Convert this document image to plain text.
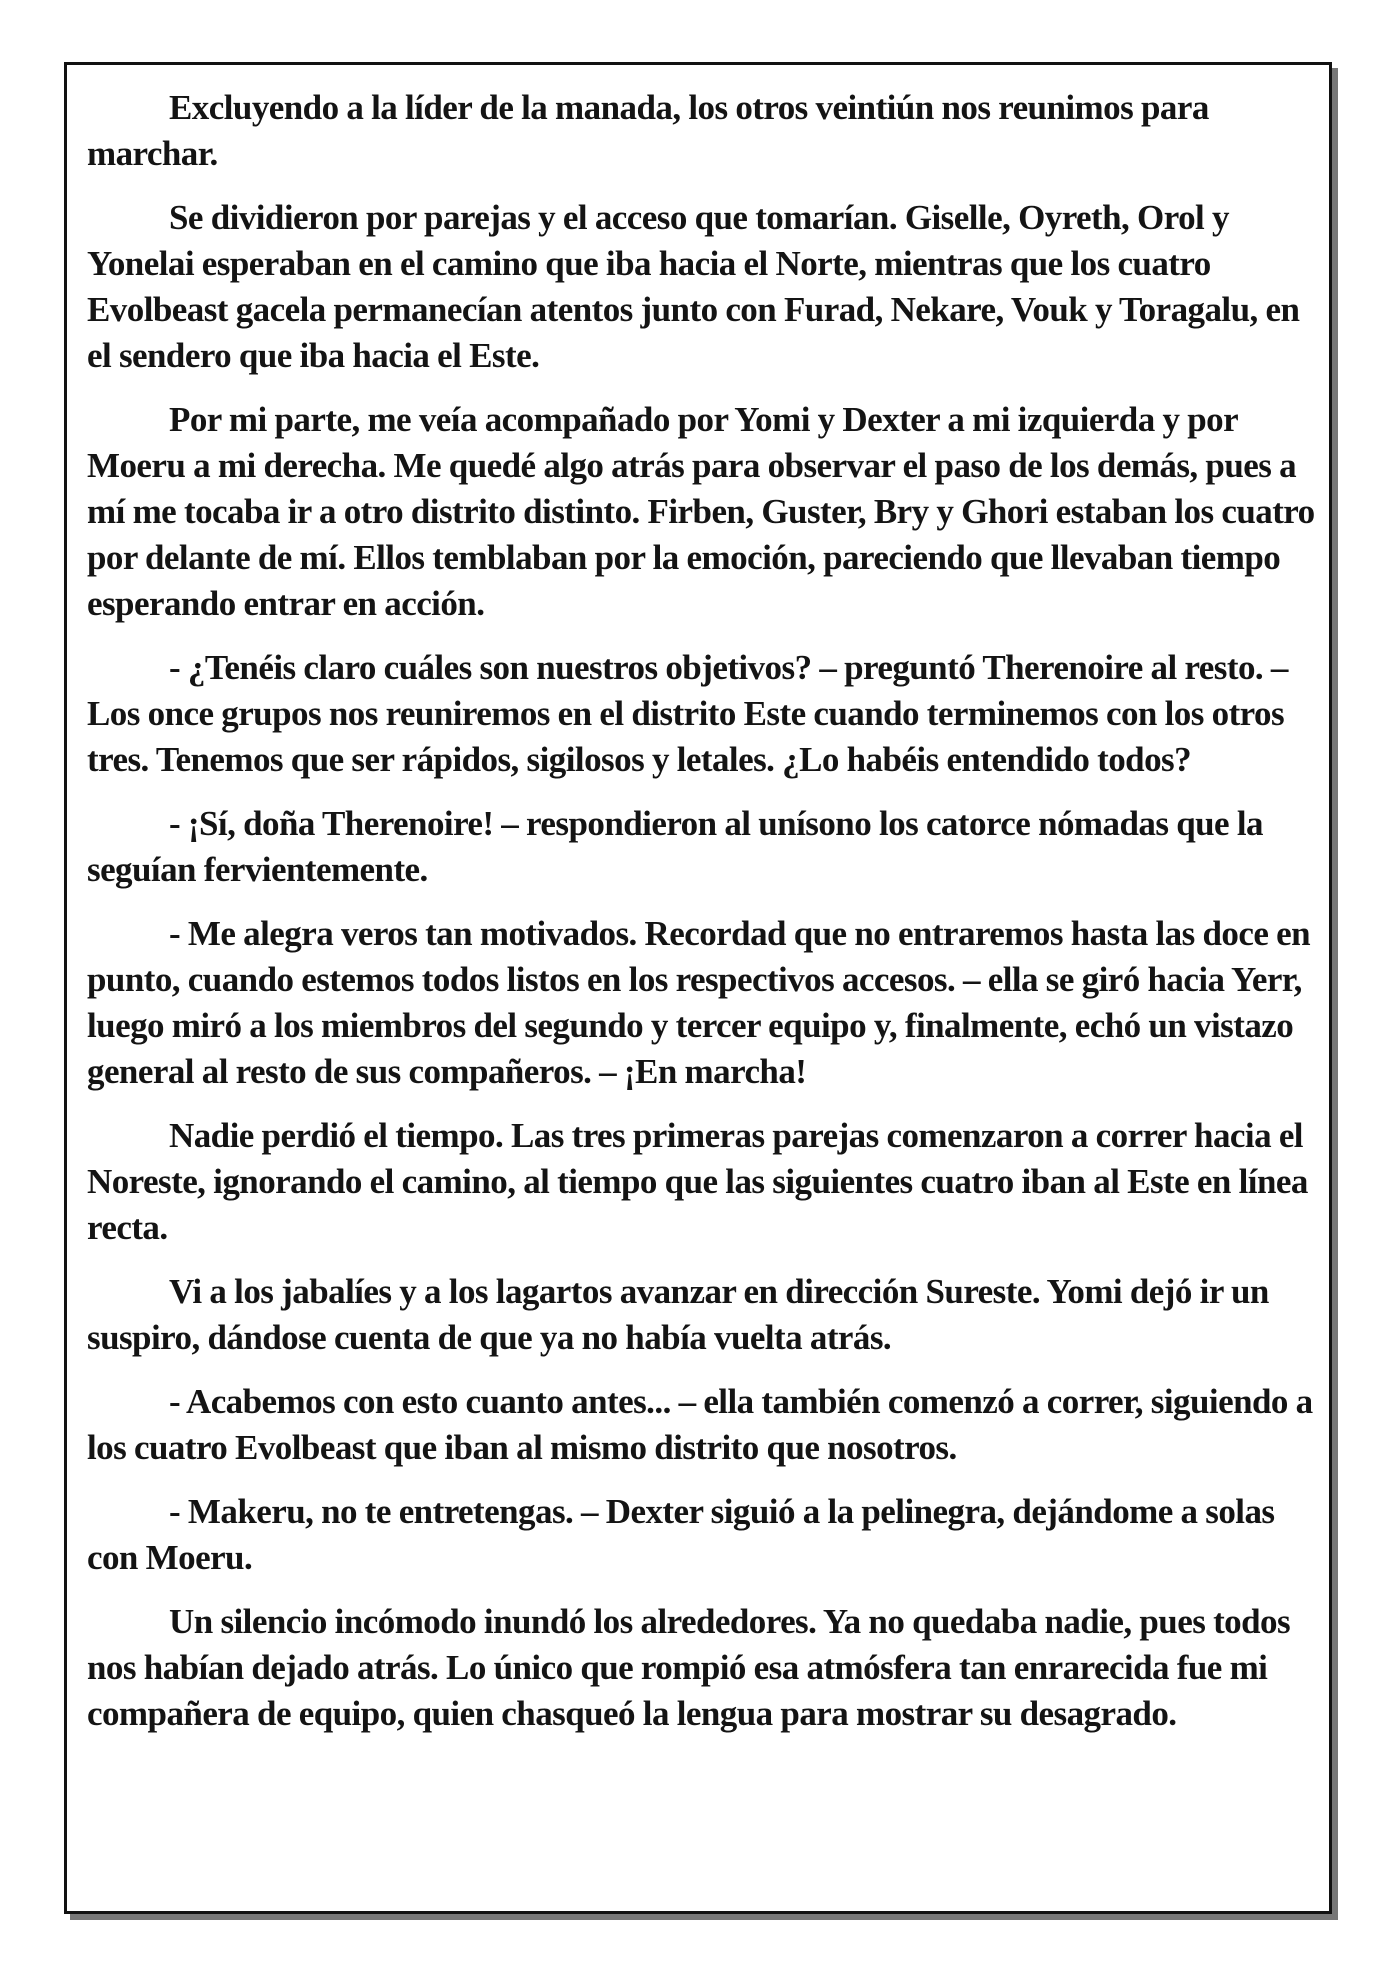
Excluyendo a la líder de la manada, los otros veintiún nos reunimos para marchar.

Se dividieron por parejas y el acceso que tomarían. Giselle, Oyreth, Orol y Yonelai esperaban en el camino que iba hacia el Norte, mientras que los cuatro Evolbeast gacela permanecían atentos junto con Furad, Nekare, Vouk y Toragalu, en el sendero que iba hacia el Este.

Por mi parte, me veía acompañado por Yomi y Dexter a mi izquierda y por Moeru a mi derecha. Me quedé algo atrás para observar el paso de los demás, pues a mí me tocaba ir a otro distrito distinto. Firben, Guster, Bry y Ghori estaban los cuatro por delante de mí. Ellos temblaban por la emoción, pareciendo que llevaban tiempo esperando entrar en acción.

- ¿Tenéis claro cuáles son nuestros objetivos? – preguntó Therenoire al resto. – Los once grupos nos reuniremos en el distrito Este cuando terminemos con los otros tres. Tenemos que ser rápidos, sigilosos y letales. ¿Lo habéis entendido todos?

- ¡Sí, doña Therenoire! – respondieron al unísono los catorce nómadas que la seguían fervientemente.

- Me alegra veros tan motivados. Recordad que no entraremos hasta las doce en punto, cuando estemos todos listos en los respectivos accesos. – ella se giró hacia Yerr, luego miró a los miembros del segundo y tercer equipo y, finalmente, echó un vistazo general al resto de sus compañeros. – ¡En marcha!

Nadie perdió el tiempo. Las tres primeras parejas comenzaron a correr hacia el Noreste, ignorando el camino, al tiempo que las siguientes cuatro iban al Este en línea recta.

Vi a los jabalíes y a los lagartos avanzar en dirección Sureste. Yomi dejó ir un suspiro, dándose cuenta de que ya no había vuelta atrás.

- Acabemos con esto cuanto antes... – ella también comenzó a correr, siguiendo a los cuatro Evolbeast que iban al mismo distrito que nosotros.

- Makeru, no te entretengas. – Dexter siguió a la pelinegra, dejándome a solas con Moeru.

Un silencio incómodo inundó los alrededores. Ya no quedaba nadie, pues todos nos habían dejado atrás. Lo único que rompió esa atmósfera tan enrarecida fue mi compañera de equipo, quien chasqueó la lengua para mostrar su desagrado.
